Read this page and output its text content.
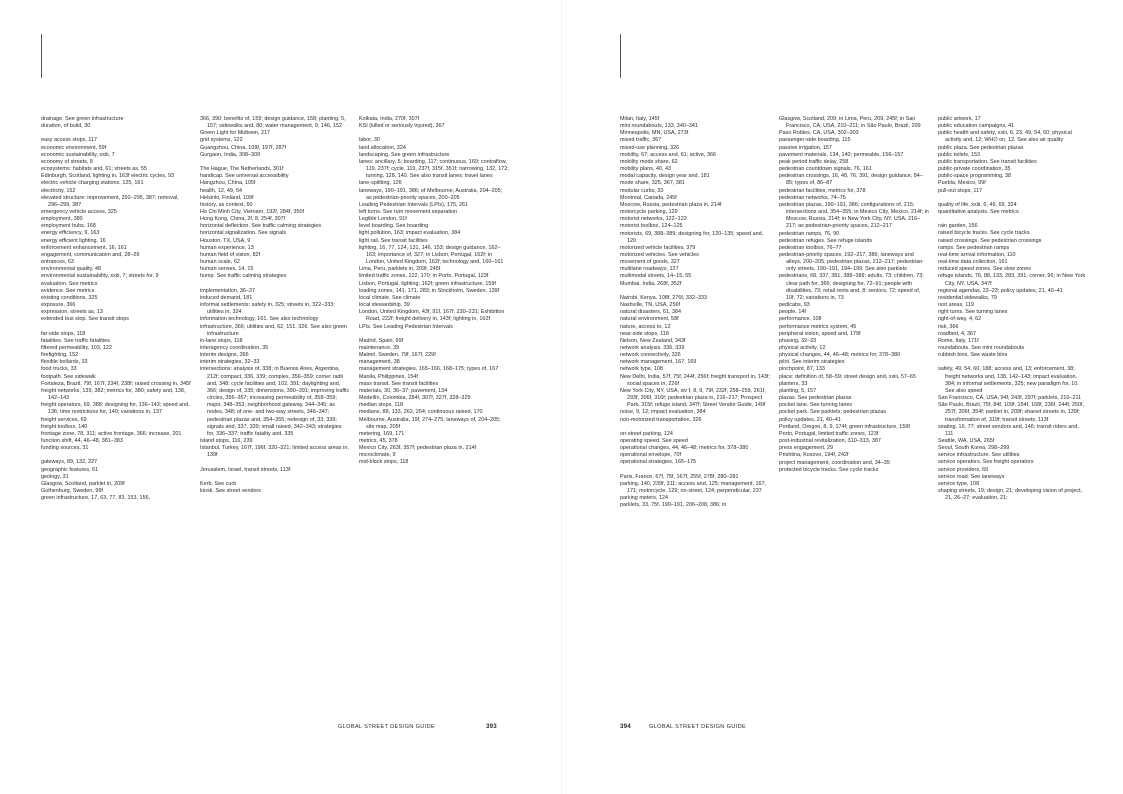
drainage. See green infrastructure
duration, of build, 30
easy access stops, 117
economic environment, 59f
economic sustainability, xxiii, 7
economy of streets, 8
ecosystems: habitats and, 61; streets as, 55
Edinburgh, Scotland, lighting in, 163f electric cycles, 93
electric vehicle charging stations, 125, 161
electricity, 152
elevated structure: improvement, 292–295, 387; removal, 296–299, 387
emergency vehicle access, 325
employment, 380
employment hubs, 168
energy efficiency, 9, 163
energy efficient lighting, 16
enforcement enhancement, 16, 161
engagement, communication and, 28–29
entrances, 63
environmental quality, 48
environmental sustainability, xxiii, 7; streets for, 9
evaluation. See metrics
evidence. See metrics
existing conditions, 325
exposure, 366
expression, streets as, 13
extended bus stop. See transit stops
far-side stops, 118
fatalities. See traffic fatalities
filtered permeability, 103, 122
firefighting, 152
flexible bollards, 33
food trucks, 33
footpath. See sidewalk
Fortaleza, Brazil, 79f, 167f, 234f, 238f; raised crossing in, 345f
freight networks, 139, 382; metrics for, 380; safety and, 138, 142–143
freight operators, 69, 388; designing for, 136–143; speed and, 136; time restrictions for, 140; variations in, 137
freight services, 69
freight toolbox, 140
frontage zone, 78, 311; active frontage, 366; increase, 201
function shift, 44, 46–48, 381–383
funding sources, 31
gateways, 89, 132, 227
geographic features, 61
geology, 31
Glasgow, Scotland, parklet in, 209f
Gothenburg, Sweden, 99f
green infrastructure, 17, 63, 77, 83, 153, 156,
366, 390; benefits of, 159; design guidance, 158; planting, 5, 157; sidewalks and, 80; water management, 9, 146, 152
Green Light for Midtown, 217
grid systems, 122
Guangzhou, China, 109f, 197f, 287f
Gurgaon, India, 308–309
The Hague, The Netherlands, 301f
handicap. See universal accessibility
Hangzhou, China, 105f
health, 12, 49, 54
Helsinki, Finland, 109f
history, as context, 60
Ho Chi Minh City, Vietnam, 192f, 284f, 350f
Hong Kong, China, 2f, 8, 254f, 307f
horizontal deflection. See traffic calming strategies
horizontal signalization. See signals
Houston, TX, USA, 9
human experience, 13
human field of vision, 82f
human scale, 62
human senses, 14, 15
hump. See traffic calming strategies
implementation, 36–37
induced demand, 181
informal settlements: safety in, 325; streets in, 322–333; utilities in, 324
information technology, 161. See also technology
infrastructure, 366; utilities and, 62, 151, 326. See also green infrastructure
in-lane stops, 118
interagency coordination, 35
interim designs, 366
interim strategies, 32–33
intersections: analysis of, 338; in Buenos Aires, Argentina, 212f; compact, 336, 339; complex, 356–359; corner radii and, 348; cycle facilities and, 102, 391; daylighting and, 366; design of, 335; dimensions, 390–391; improving traffic circles, 356–357; increasing permeability of, 358–359; major, 348–353; neighborhood gateway, 344–345; as nodes, 348; of one- and two-way streets, 346–347; pedestrian plazas and, 354–355; redesign of, 33, 339; signals and, 337, 339; small raised, 342–343; strategies for, 336–337; traffic fatality and, 335
island stops, 116, 239
Istanbul, Turkey, 167f, 196f, 320–321; limited access areas in, 139f
Jerusalem, Israel, transit streets, 113f
Kerb. See curb
kiosk. See street vendors
Kolkata, India, 270f, 307f
KSI (killed or seriously injured), 367
labor, 30
land allocation, 324
landscaping. See green infrastructure
lanes: ancillary, 5; boarding, 117; continuous, 169; contraflow, 119, 237f; cycle, 119, 237f, 315f, 351f; narrowing, 132, 172; turning, 128, 140. See also transit lanes; travel lanes
lane-splitting, 126
laneways, 190–191, 386; of Melbourne, Australia, 204–205; as pedestrian-priority spaces, 200–205
Leading Pedestrian Intervals (LPIs), 175, 261
left turns. See turn movement separation
Legible London, 91f
level boarding. See boarding
light pollution, 163; impact evaluation, 384
light rail. See transit facilities
lighting, 16, 77, 124, 131, 146, 153; design guidance, 162–163; importance of, 327; in Lisbon, Portugal, 162f; in London, United Kingdom, 162f; technology and, 160–161
Lima, Peru, parklets in, 209f, 245f
limited traffic zones, 122, 170; in Porto, Portugal, 123f
Lisbon, Portugal, lighting, 162f; green infrastructure, 159f
loading zones, 141, 171, 283; in Stockholm, Sweden, 139f
local climate. See climate
local stewardship, 39
London, United Kingdom, 43f, 91f, 167f, 230–231; Exhibition Road, 222f; freight delivery in, 143f; lighting in, 162f
LPIs. See Leading Pedestrian Intervals
Madrid, Spain, 99f
maintenance, 39
Malmö, Sweden, 79f, 167f, 229f
management, 38
management strategies, 165–166, 168–175; types of, 167
Manila, Philippines, 154f
mass transit. See transit facilities
materials, 30, 36–37; pavement, 134
Medellín, Colombia, 284f, 307f, 327f, 328–329
median stops, 118
medians, 88, 133, 262, 264; continuous raised, 170
Melbourne, Australia, 19f, 274–275; laneways of, 204–205; site map, 205f
metering, 169, 171
metrics, 45, 378
Mexico City, 263f, 357f; pedestrian plaza in, 214f
microclimate, 9
mid-block stops, 118
GLOBAL STREET DESIGN GUIDE	393
Milan, Italy, 145f
mini roundabouts, 133, 340–341
Minneapolis, MN, USA, 273f
mixed traffic, 367
mixed-use planning, 326
mobility, 67; access and, 61; active, 366
mobility mode share, 62
mobility plans, 40, 43
modal capacity, design year and, 181
mode share, 325, 367, 381
modular curbs, 33
Montreal, Canada, 245f
Moscow, Russia, pedestrian plaza in, 214f
motorcycle parking, 129
motorist networks, 122–123
motorist toolbox, 124–125
motorists, 69, 388–389; designing for, 120–135; speed and, 120
motorized vehicle facilities, 379
motorized vehicles. See vehicles
movement of goods, 327
multilane roadways, 127
multimodal streets, 14–15, 55
Mumbai, India, 268f, 352f
Nairobi, Kenya, 108f, 276f, 332–333
Nashville, TN, USA, 256f
natural disasters, 61, 384
natural environment, 58f
nature, access to, 12
near-side stops, 118
Nelson, New Zealand, 343f
network analysis, 336, 339
network connectivity, 326
network management, 167, 169
network type, 108
New Delhi, India, 57f, 75f, 244f, 256f; freight transport in, 143f; social spaces in, 226f
New York City, NY, USA, xiv f, 8, 9, 79f, 232f, 258–259, 261f, 293f, 306f, 316f; pedestrian plaza in, 216–217; Prospect Park, 315f; refuge island, 347f; Street Vendor Guide, 149f
noise, 9, 12; impact evaluation, 384
non-motorized transportation, 326
on-street parking, 124
operating speed. See speed
operational changes, 44, 46–48; metrics for, 378–380
operational envelope, 70f
operational strategies, 165–175
Paris, France, 67f, 75f, 167f, 255f, 278f, 280–281
parking, 140, 239f, 311; access and, 125; management, 167, 171; motorcycle, 129; on-street, 124; perpendicular, 237
parking meters, 124
parklets, 33, 75f, 190–191, 206–208, 386; in
Glasgow, Scotland, 209; in Lima, Peru, 209, 245f; in San Francisco, CA, USA, 210–211; in São Paulo, Brazil, 209
Paso Robles, CA, USA, 302–303
passenger-side boarding, 115
passive irrigation, 157
pavement materials, 134, 140; permeable, 156–157
peak period traffic delay, 258
pedestrian countdown signals, 76, 161
pedestrian crossings, 16, 48, 76, 391; design guidance, 84–85; types of, 86–87
pedestrian facilities, metrics for, 378
pedestrian networks, 74–75
pedestrian plazas, 190–191, 386; configurations of, 215; intersections and, 354–355; in Mexico City, Mexico, 214f; in Moscow, Russia, 214f; in New York City, NY, USA, 216–217; as pedestrian-priority spaces, 212–217
pedestrian ramps, 76, 90
pedestrian refuges. See refuge islands
pedestrian toolbox, 76–77
pedestrian-priority spaces, 192–217, 386; laneways and alleys, 200–205; pedestrian plazas, 212–217; pedestrian-only streets, 190–191, 194–199. See also parklets
pedestrians, 68, 337, 381, 388–389; adults, 73; children, 73; clear path for, 366; designing for, 72–91; people with disabilities, 73; retail rents and, 8; seniors, 72; speed of, 10f, 72; variations in, 73
pedicabs, 93
people, 14f
performance, 108
performance metrics system, 45
peripheral vision, speed and, 179f
phasing, 32–33
physical activity, 12
physical changes, 44, 46–48; metrics for, 378–380
pilot. See interim strategies
pinchpoint, 87, 133
place: definition of, 58–59; street design and, xxiii, 57–65
planters, 33
planting, 5, 157
plazas. See pedestrian plazas
pocket lane. See turning lanes
pocket park. See parklets; pedestrian plazas
policy updates, 21, 40–41
Portland, Oregon, 8, 9, 174f; green infrastructure, 159f
Porto, Portugal, limited traffic zones, 123f
post-industrial revitalization, 310–313, 387
press engagement, 29
Prishtina, Kosovo, 194f, 242f
project management, coordination and, 34–35
protected bicycle tracks. See cycle tracks
public artwork, 17
public education campaigns, 41
public health and safety, xxiii, 6, 23, 49, 54, 60; physical activity and, 12; WHO on, 12. See also air quality
public plaza. See pedestrian plazas
public toilets, 153
public transportation. See transit facilities
public-private coordination, 35
public-space programming, 38
Puebla, Mexico, 99f
pull-out stops, 117
quality of life, xxiii, 6, 49, 69, 324
quantitative analysis. See metrics
rain garden, 156
raised bicycle tracks. See cycle tracks
raised crossings. See pedestrian crossings
ramps. See pedestrian ramps
real-time arrival information, 110
real-time data collection, 161
reduced speed zones. See slow zones
refuge islands, 76, 88, 133, 283, 391; corner, 96; in New York City, NY, USA, 347f
regional agendas, 22–23; policy updates, 21, 40–41
residential sidewalks, 79
rest areas, 119
right turns. See turning lanes
right-of-way, 4, 62
risk, 366
roadbed, 4, 367
Rome, Italy, 171f
roundabouts. See mini roundabouts
rubbish bins. See waste bins
safety, 49, 54, 60, 188; access and, 13; enforcement, 38; freight networks and, 138, 142–143; impact evaluation, 384; in informal settlements, 325; new paradigm for, 10. See also speed
San Francisco, CA, USA, 94f, 243f, 297f; parklets, 210–211
São Paulo, Brazil, 75f, 84f, 109f, 154f, 168f, 236f, 244f, 250f, 257f, 306f, 354f; parklet in, 209f; shared streets in, 139f; transformation of, 319f; transit streets, 113f
seating, 16, 77; street vendors and, 146; transit riders and, 111
Seattle, WA, USA, 265f
Seoul, South Korea, 298–299
service infrastructure. See utilities
service operators. See freight operators
service providers, 69
service road. See laneways
service type, 108
shaping streets, 19; design, 21; developing vision of project, 21, 26–27; evaluation, 21;
394	GLOBAL STREET DESIGN GUIDE
